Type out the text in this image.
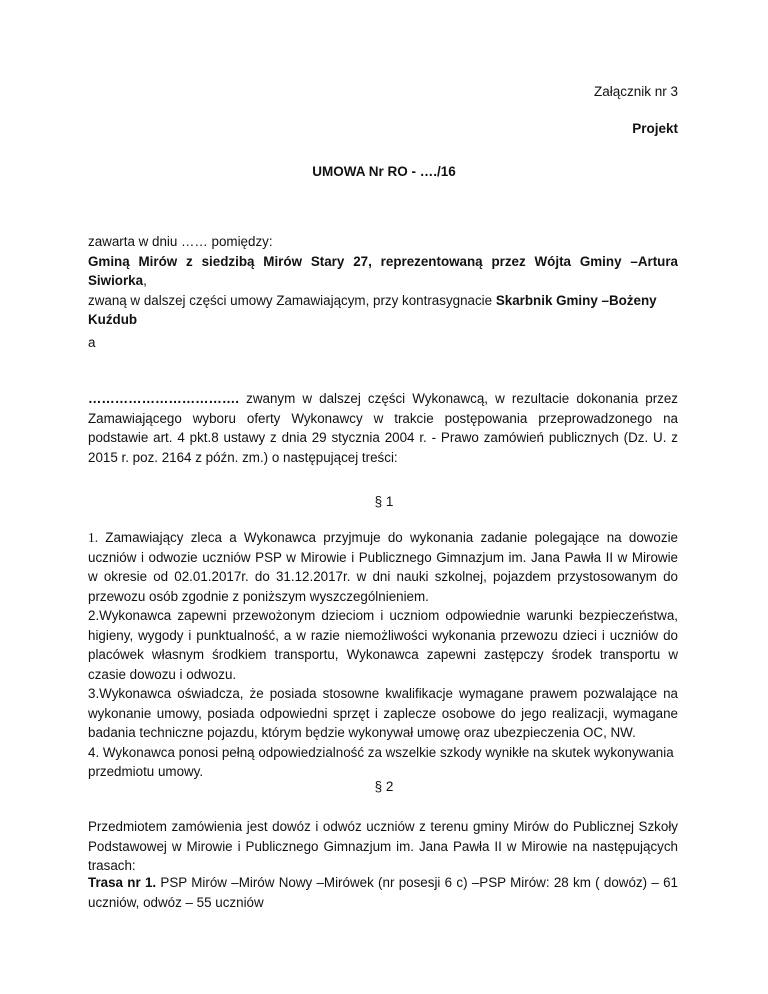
Załącznik nr 3
Projekt
UMOWA Nr RO - …./16

zawarta w dniu …… pomiędzy:

Gminą Mirów z siedzibą Mirów Stary 27, reprezentowaną przez Wójta Gminy –Artura Siwiorka,

zwaną w dalszej części umowy Zamawiającym, przy kontrasygnacie Skarbnik Gminy –Bożeny Kuźdub

a
……………………………. zwanym w dalszej części Wykonawcą, w rezultacie dokonania przez Zamawiającego wyboru oferty Wykonawcy w trakcie postępowania przeprowadzonego na podstawie art. 4 pkt.8 ustawy z dnia 29 stycznia 2004 r. - Prawo zamówień publicznych (Dz. U. z 2015 r. poz. 2164 z późn. zm.) o następującej treści:
§ 1

1. Zamawiający zleca a Wykonawca przyjmuje do wykonania zadanie polegające na dowozie uczniów i odwozie uczniów PSP w Mirowie i Publicznego Gimnazjum im. Jana Pawła II w Mirowie w okresie od 02.01.2017r. do 31.12.2017r. w dni nauki szkolnej, pojazdem przystosowanym do przewozu osób zgodnie z poniższym wyszczególnieniem.

2.Wykonawca zapewni przewożonym dzieciom i uczniom odpowiednie warunki bezpieczeństwa, higieny, wygody i punktualność, a w razie niemożliwości wykonania przewozu dzieci i uczniów do placówek własnym środkiem transportu, Wykonawca zapewni zastępczy środek transportu w czasie dowozu i odwozu.

3.Wykonawca oświadcza, że posiada stosowne kwalifikacje wymagane prawem pozwalające na wykonanie umowy, posiada odpowiedni sprzęt i zaplecze osobowe do jego realizacji, wymagane badania techniczne pojazdu, którym będzie wykonywał umowę oraz ubezpieczenia OC, NW.

4. Wykonawca ponosi pełną odpowiedzialność za wszelkie szkody wynikłe na skutek wykonywania przedmiotu umowy.

§ 2
Przedmiotem zamówienia jest dowóz i odwóz uczniów z terenu gminy Mirów do Publicznej Szkoły Podstawowej w Mirowie i Publicznego Gimnazjum im. Jana Pawła II w Mirowie na następujących trasach:
Trasa nr 1. PSP Mirów –Mirów Nowy –Mirówek (nr posesji 6 c) –PSP Mirów: 28 km ( dowóz) – 61 uczniów, odwóz – 55 uczniów
